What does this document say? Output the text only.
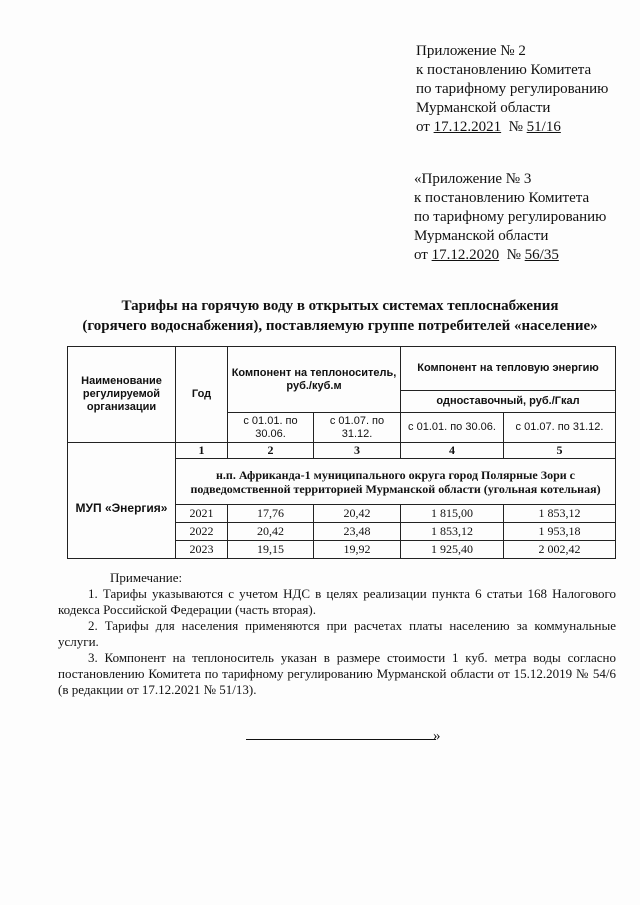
Приложение № 2
к постановлению Комитета
по тарифному регулированию
Мурманской области
от 17.12.2021  № 51/16
«Приложение № 3
к постановлению Комитета
по тарифному регулированию
Мурманской области
от 17.12.2020  № 56/35
Тарифы на горячую воду в открытых системах теплоснабжения
(горячего водоснабжения), поставляемую группе потребителей «население»
Наименование регулируемой организации	Год	Компонент на теплоноситель, руб./куб.м		Компонент на тепловую энергию	
				одноставочный, руб./Гкал	
		с 01.01. по 30.06.	с 01.07. по 31.12.	с 01.01. по 30.06.	с 01.07. по 31.12.
	1	2	3	4	5
МУП «Энергия»	н.п. Африканда-1 муниципального округа город Полярные Зори с подведомственной территорией Мурманской области (угольная котельная)				
	2021	17,76	20,42	1 815,00	1 853,12
	2022	20,42	23,48	1 853,12	1 953,18
	2023	19,15	19,92	1 925,40	2 002,42

Примечание:

1. Тарифы указываются с учетом НДС в целях реализации пункта 6 статьи 168 Налогового кодекса Российской Федерации (часть вторая).

2. Тарифы для населения применяются при расчетах платы населению за коммунальные услуги.

3. Компонент на теплоноситель указан в размере стоимости 1 куб. метра воды согласно постановлению Комитета по тарифному регулированию Мурманской области от 15.12.2019 № 54/6 (в редакции от 17.12.2021 № 51/13).

»
